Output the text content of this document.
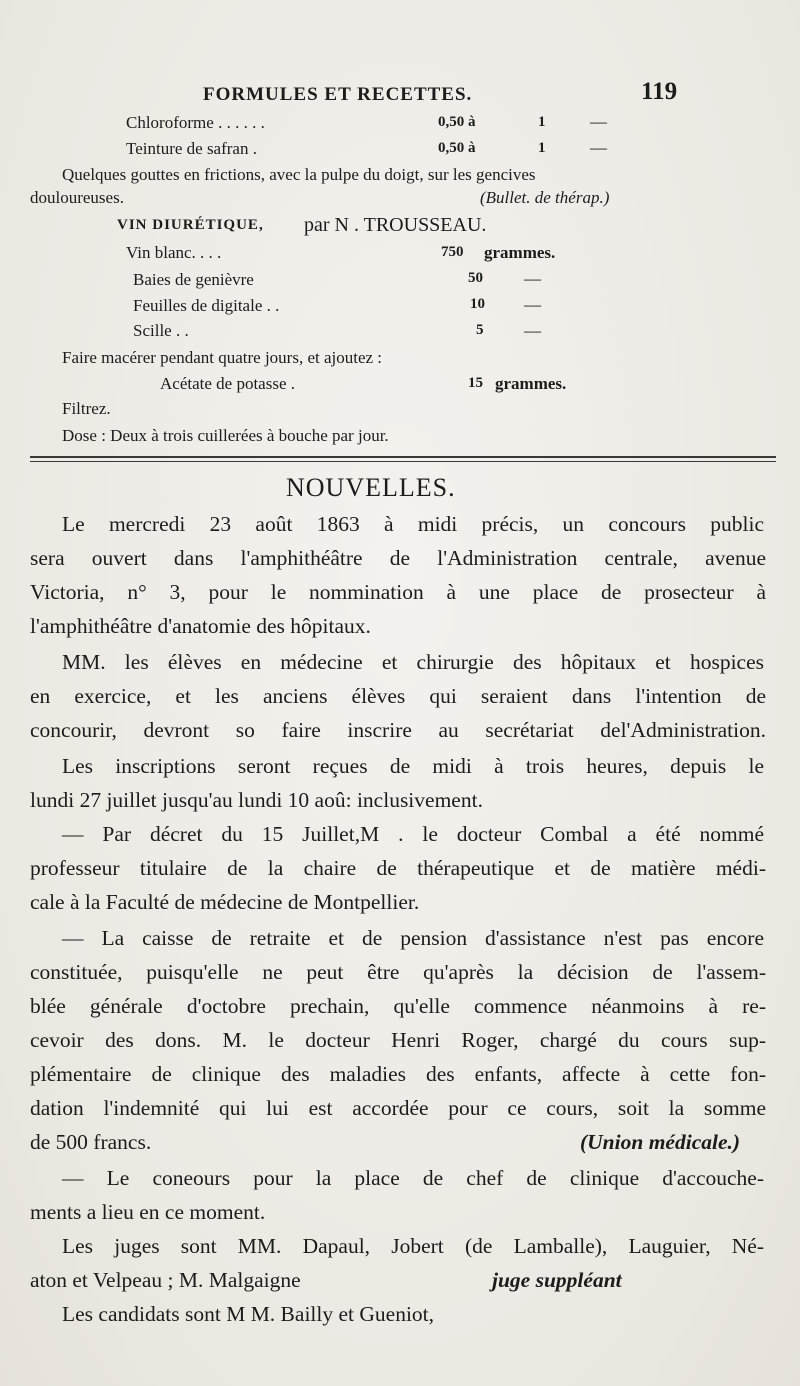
FORMULES ET RECETTES.	119
Chloroforme . . . . . .	0,50 à	1	—
Teinture de safran .	0,50 à	1	—
Quelques gouttes en frictions, avec la pulpe du doigt, sur les gencives
douloureuses.	(Bullet. de thérap.)
VIN DIURÉTIQUE, par N . TROUSSEAU.
Vin blanc. . . .	750 grammes.
Baies de genièvre	50 —
Feuilles de digitale . .	10 —
Scille . .	5 —
Faire macérer pendant quatre jours, et ajoutez :
Acétate de potasse .	15 grammes.
Filtrez.
Dose : Deux à trois cuillerées à bouche par jour.
NOUVELLES.
Le mercredi 23 août 1863 à midi précis, un concours public
sera ouvert dans l'amphithéâtre de l'Administration centrale, avenue
Victoria, n° 3, pour le nommination à une place de prosecteur à
l'amphithéâtre d'anatomie des hôpitaux.
MM. les élèves en médecine et chirurgie des hôpitaux et hospices
en exercice, et les anciens élèves qui seraient dans l'intention de
concourir, devront so faire inscrire au secrétariat del'Administration.
Les inscriptions seront reçues de midi à trois heures, depuis le
lundi 27 juillet jusqu'au lundi 10 aoû: inclusivement.
— Par décret du 15 Juillet,M . le docteur Combal a été nommé
professeur titulaire de la chaire de thérapeutique et de matière médi-
cale à la Faculté de médecine de Montpellier.
— La caisse de retraite et de pension d'assistance n'est pas encore
constituée, puisqu'elle ne peut être qu'après la décision de l'assem-
blée générale d'octobre prechain, qu'elle commence néanmoins à re-
cevoir des dons. M. le docteur Henri Roger, chargé du cours sup-
plémentaire de clinique des maladies des enfants, affecte à cette fon-
dation l'indemnité qui lui est accordée pour ce cours, soit la somme
de 500 francs.	(Union médicale.)
— Le coneours pour la place de chef de clinique d'accouche-
ments a lieu en ce moment.
Les juges sont MM. Dapaul, Jobert (de Lamballe), Lauguier, Né-
aton et Velpeau ; M. Malgaigne	juge suppléant
Les candidats sont M M. Bailly et Gueniot,
